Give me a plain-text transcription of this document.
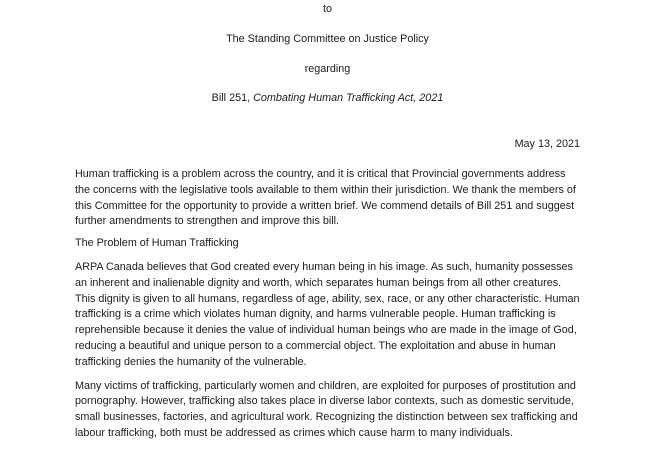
to

The Standing Committee on Justice Policy

regarding

Bill 251, Combating Human Trafficking Act, 2021

May 13, 2021

Human trafficking is a problem across the country, and it is critical that Provincial governments address the concerns with the legislative tools available to them within their jurisdiction. We thank the members of this Committee for the opportunity to provide a written brief. We commend details of Bill 251 and suggest further amendments to strengthen and improve this bill.

The Problem of Human Trafficking

ARPA Canada believes that God created every human being in his image. As such, humanity possesses an inherent and inalienable dignity and worth, which separates human beings from all other creatures. This dignity is given to all humans, regardless of age, ability, sex, race, or any other characteristic. Human trafficking is a crime which violates human dignity, and harms vulnerable people. Human trafficking is reprehensible because it denies the value of individual human beings who are made in the image of God, reducing a beautiful and unique person to a commercial object. The exploitation and abuse in human trafficking denies the humanity of the vulnerable.

Many victims of trafficking, particularly women and children, are exploited for purposes of prostitution and pornography. However, trafficking also takes place in diverse labor contexts, such as domestic servitude, small businesses, factories, and agricultural work. Recognizing the distinction between sex trafficking and labour trafficking, both must be addressed as crimes which cause harm to many individuals.
